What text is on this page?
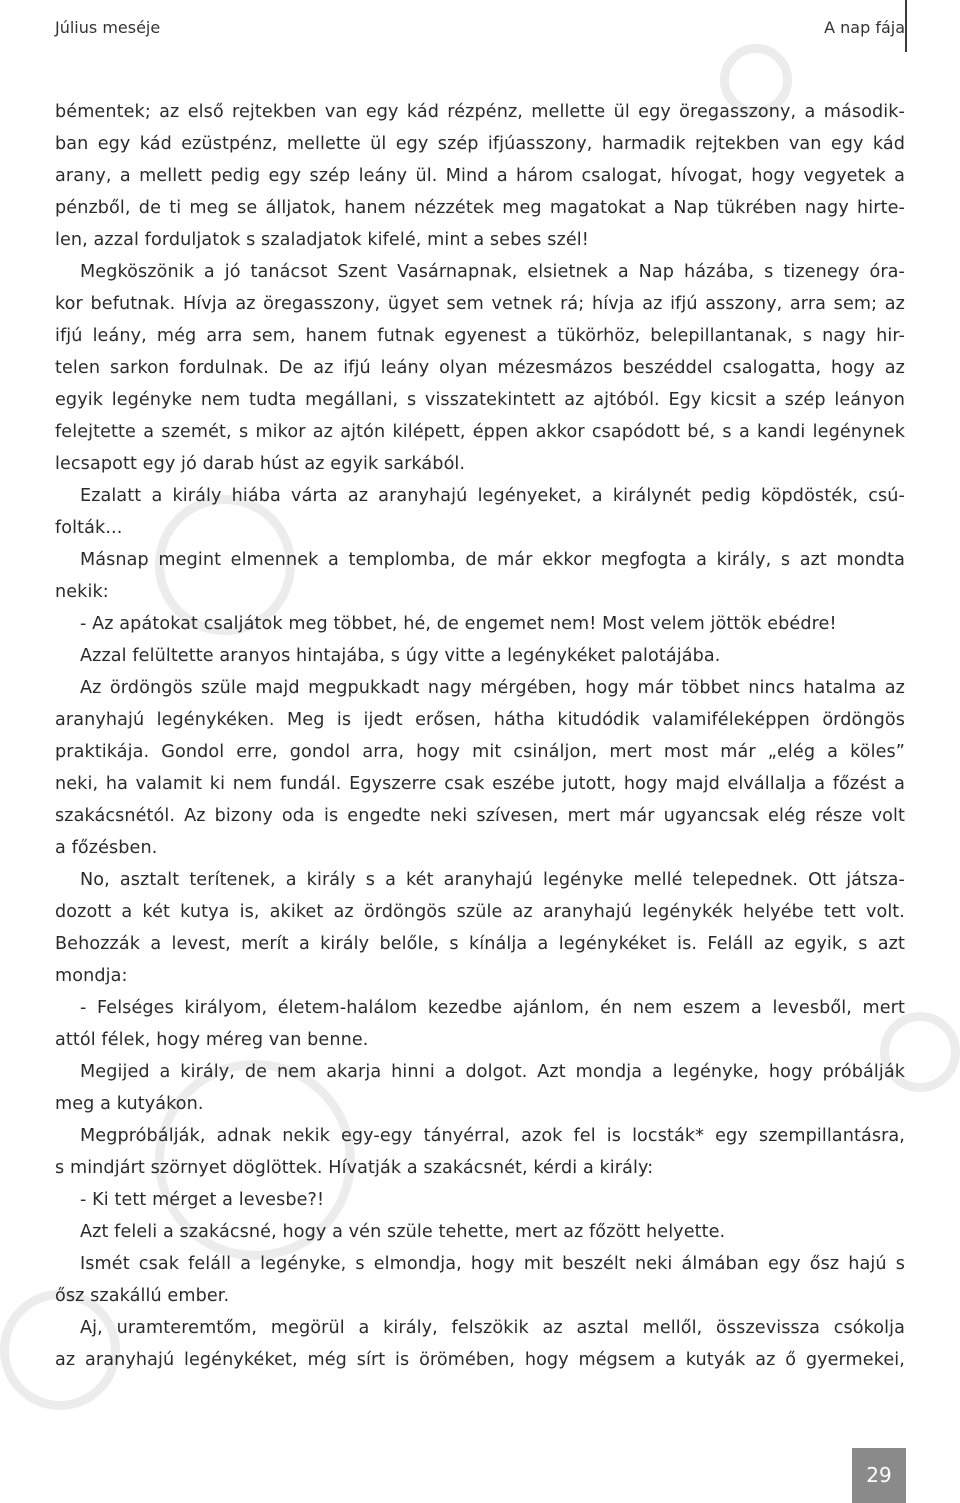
Július meséje	A nap fája
bémentek; az első rejtekben van egy kád rézpénz, mellette ül egy öregasszony, a második-
ban egy kád ezüstpénz, mellette ül egy szép ifjúasszony, harmadik rejtekben van egy kád
arany, a mellett pedig egy szép leány ül. Mind a három csalogat, hívogat, hogy vegyetek a
pénzből, de ti meg se álljatok, hanem nézzétek meg magatokat a Nap tükrében nagy hirte-
len, azzal forduljatok s szaladjatok kifelé, mint a sebes szél!
Megköszönik a jó tanácsot Szent Vasárnapnak, elsietnek a Nap házába, s tizenegy óra-
kor befutnak. Hívja az öregasszony, ügyet sem vetnek rá; hívja az ifjú asszony, arra sem; az
ifjú leány, még arra sem, hanem futnak egyenest a tükörhöz, belepillantanak, s nagy hir-
telen sarkon fordulnak. De az ifjú leány olyan mézesmázos beszéddel csalogatta, hogy az
egyik legényke nem tudta megállani, s visszatekintett az ajtóból. Egy kicsit a szép leányon
felejtette a szemét, s mikor az ajtón kilépett, éppen akkor csapódott bé, s a kandi legénynek
lecsapott egy jó darab húst az egyik sarkából.
Ezalatt a király hiába várta az aranyhajú legényeket, a királynét pedig köpdösték, csú-
folták...
Másnap megint elmennek a templomba, de már ekkor megfogta a király, s azt mondta
nekik:
- Az apátokat csaljátok meg többet, hé, de engemet nem! Most velem jöttök ebédre!
Azzal felültette aranyos hintajába, s úgy vitte a legénykéket palotájába.
Az ördöngös szüle majd megpukkadt nagy mérgében, hogy már többet nincs hatalma az
aranyhajú legénykéken. Meg is ijedt erősen, hátha kitudódik valamiféleképpen ördöngös
praktikája. Gondol erre, gondol arra, hogy mit csináljon, mert most már „elég a köles”
neki, ha valamit ki nem fundál. Egyszerre csak eszébe jutott, hogy majd elvállalja a főzést a
szakácsnétól. Az bizony oda is engedte neki szívesen, mert már ugyancsak elég része volt
a főzésben.
No, asztalt terítenek, a király s a két aranyhajú legényke mellé telepednek. Ott játsza-
dozott a két kutya is, akiket az ördöngös szüle az aranyhajú legénykék helyébe tett volt.
Behozzák a levest, merít a király belőle, s kínálja a legénykéket is. Feláll az egyik, s azt
mondja:
- Felséges királyom, életem-halálom kezedbe ajánlom, én nem eszem a levesből, mert
attól félek, hogy méreg van benne.
Megijed a király, de nem akarja hinni a dolgot. Azt mondja a legényke, hogy próbálják
meg a kutyákon.
Megpróbálják, adnak nekik egy-egy tányérral, azok fel is locsták* egy szempillantásra,
s mindjárt szörnyet döglöttek. Hívatják a szakácsnét, kérdi a király:
- Ki tett mérget a levesbe?!
Azt feleli a szakácsné, hogy a vén szüle tehette, mert az főzött helyette.
Ismét csak feláll a legényke, s elmondja, hogy mit beszélt neki álmában egy ősz hajú s
ősz szakállú ember.
Aj, uramteremtőm, megörül a király, felszökik az asztal mellől, összevissza csókolja
az aranyhajú legénykéket, még sírt is örömében, hogy mégsem a kutyák az ő gyermekei,
29
